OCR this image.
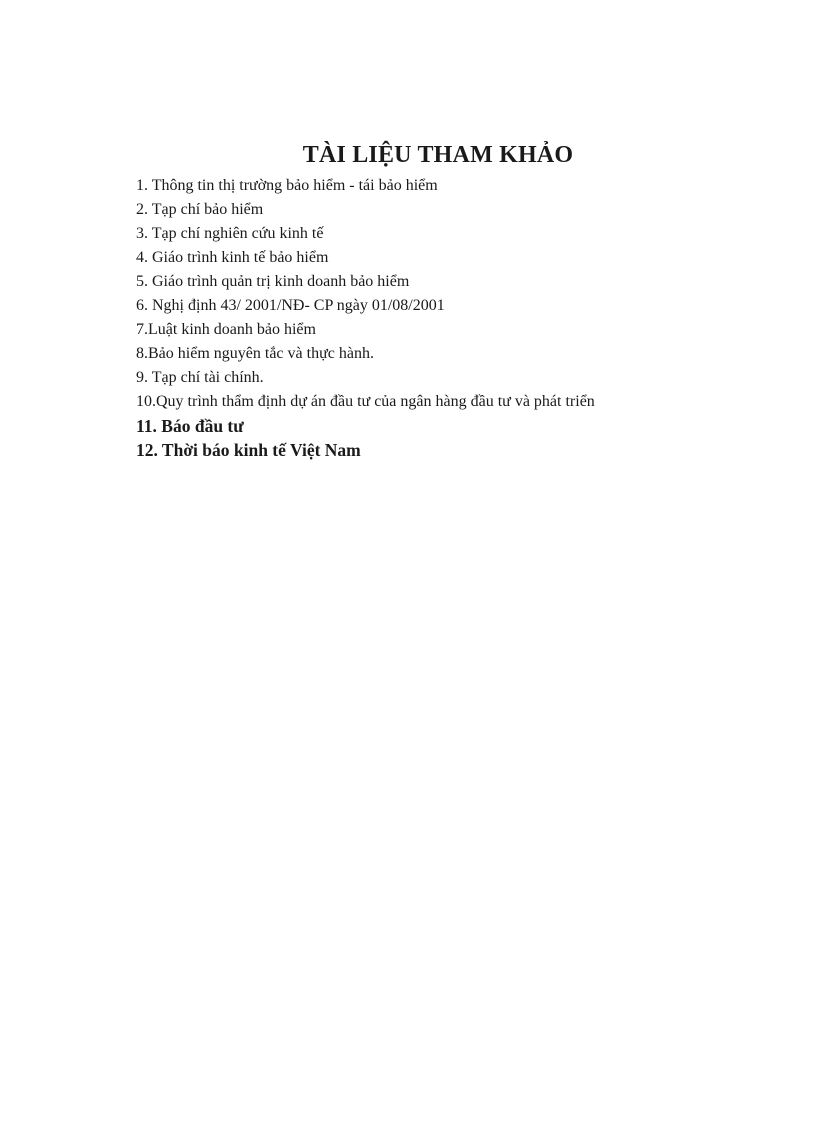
TÀI LIỆU THAM KHẢO
1. Thông tin thị trường bảo hiểm - tái bảo hiểm
2. Tạp chí bảo hiểm
3. Tạp chí nghiên cứu kinh tế
4. Giáo trình kinh tế bảo hiểm
5. Giáo trình quản trị kinh doanh bảo hiểm
6. Nghị định 43/ 2001/NĐ- CP ngày 01/08/2001
7.Luật kinh doanh bảo hiểm
8.Bảo hiểm nguyên tắc và thực hành.
9. Tạp chí tài chính.
10.Quy trình thẩm định dự án đầu tư của ngân hàng đầu tư và phát triển
11. Báo đầu tư
12. Thời báo kinh tế Việt Nam
